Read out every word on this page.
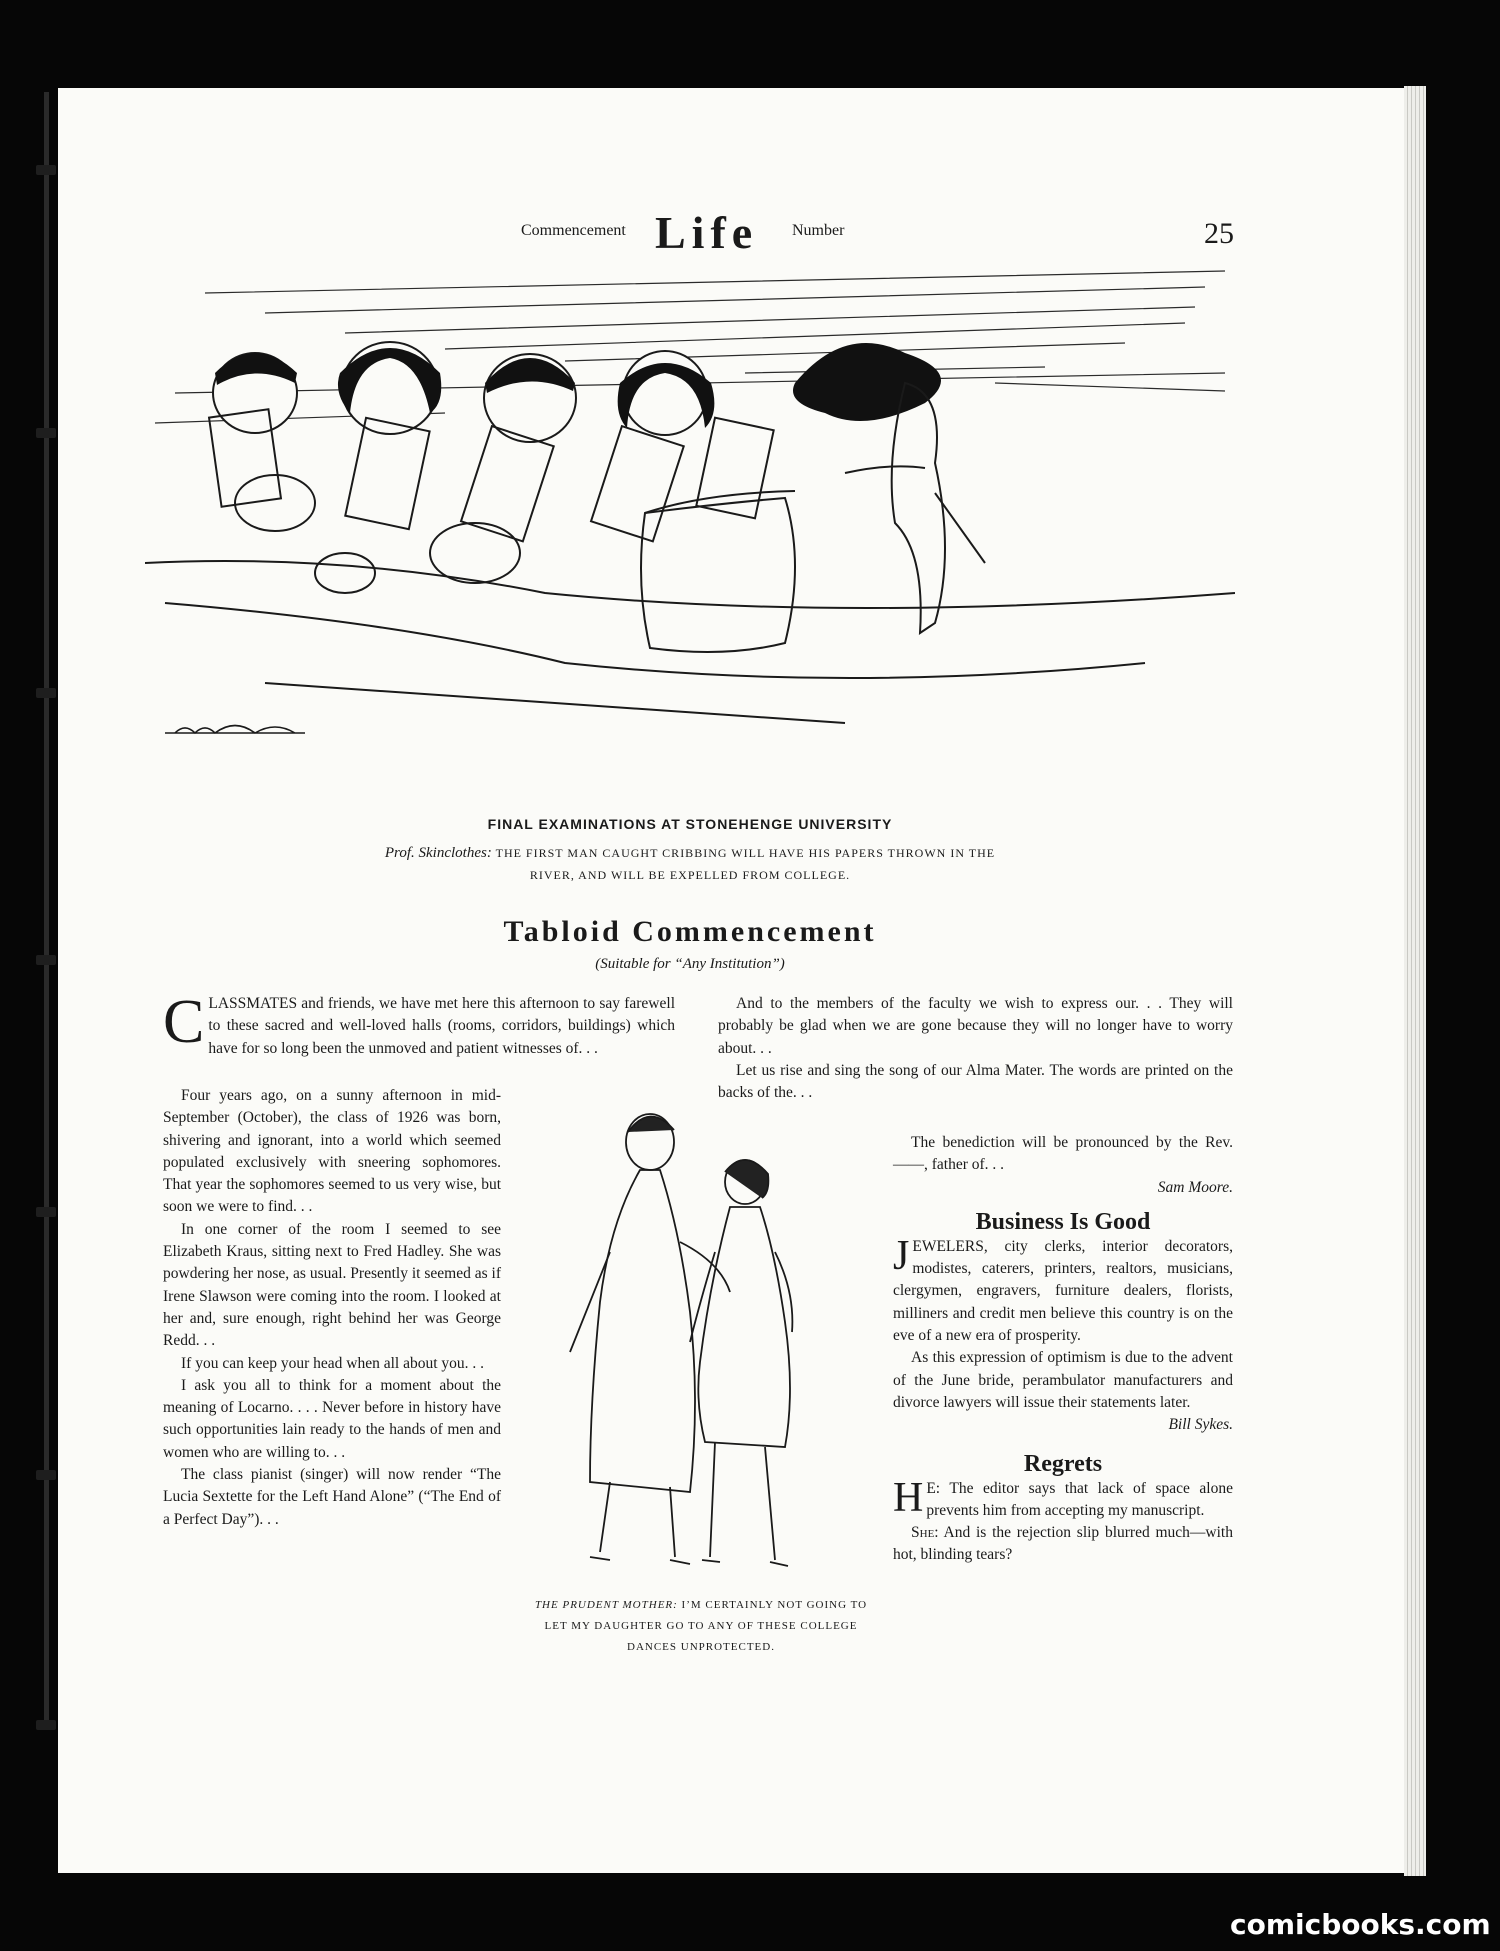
Commencement Life Number	25
FINAL EXAMINATIONS AT STONEHENGE UNIVERSITY
Prof. Skinclothes: THE FIRST MAN CAUGHT CRIBBING WILL HAVE HIS PAPERS THROWN IN THE
RIVER, AND WILL BE EXPELLED FROM COLLEGE.
Tabloid Commencement
(Suitable for “Any Institution”)

CLASSMATES and friends, we have met here this afternoon to say farewell to these sacred and well-loved halls (rooms, corridors, buildings) which have for so long been the unmoved and patient witnesses of. . .

Four years ago, on a sunny afternoon in mid-September (October), the class of 1926 was born, shivering and ignorant, into a world which seemed populated exclusively with sneering sophomores. That year the sophomores seemed to us very wise, but soon we were to find. . .

In one corner of the room I seemed to see Elizabeth Kraus, sitting next to Fred Hadley. She was powdering her nose, as usual. Presently it seemed as if Irene Slawson were coming into the room. I looked at her and, sure enough, right behind her was George Redd. . .

If you can keep your head when all about you. . .

I ask you all to think for a moment about the meaning of Locarno. . . . Never before in history have such opportunities lain ready to the hands of men and women who are willing to. . .

The class pianist (singer) will now render “The Lucia Sextette for the Left Hand Alone” (“The End of a Perfect Day”). . .

And to the members of the faculty we wish to express our. . . They will probably be glad when we are gone because they will no longer have to worry about. . .

Let us rise and sing the song of our Alma Mater. The words are printed on the backs of the. . .

The benediction will be pronounced by the Rev. ——, father of. . .

Sam Moore.

Business Is Good

JEWELERS, city clerks, interior decorators, modistes, caterers, printers, realtors, musicians, clergymen, engravers, furniture dealers, florists, milliners and credit men believe this country is on the eve of a new era of prosperity.

As this expression of optimism is due to the advent of the June bride, perambulator manufacturers and divorce lawyers will issue their statements later.

Bill Sykes.

Regrets

H E: The editor says that lack of space alone prevents him from accepting my manuscript.

She: And is the rejection slip blurred much—with hot, blinding tears?

THE PRUDENT MOTHER: I’M CERTAINLY NOT GOING TO LET MY DAUGHTER GO TO ANY OF THESE COLLEGE DANCES UNPROTECTED.
comicbooks.com
